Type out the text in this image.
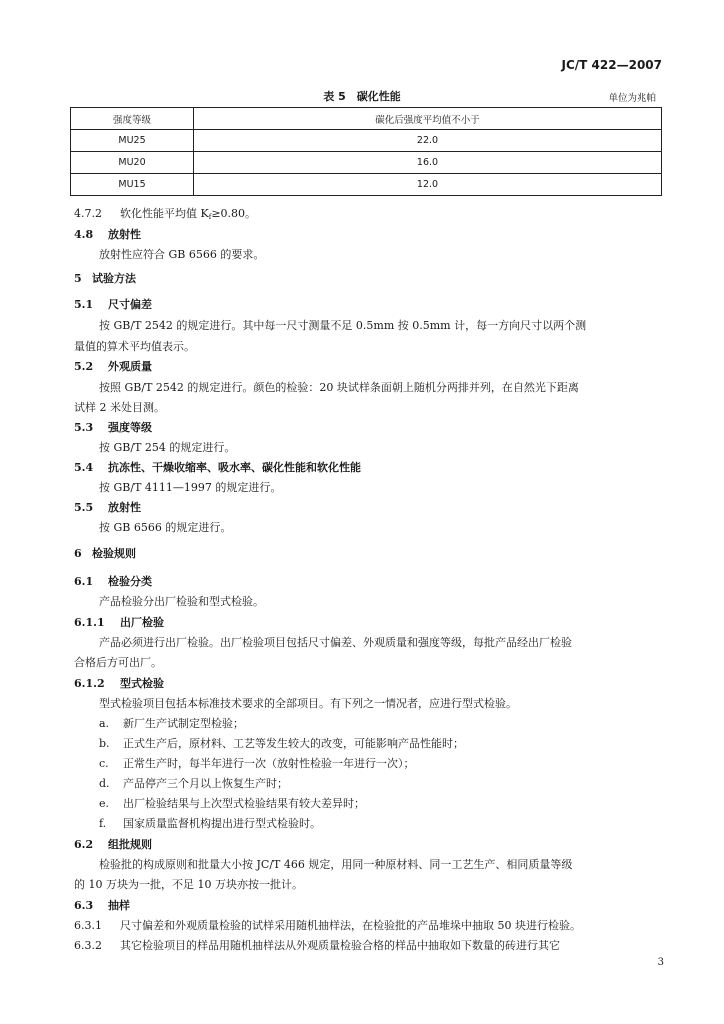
JC/T 422—2007
表 5　碳化性能	单位为兆帕
强度等级	碳化后强度平均值不小于
MU25	22.0
MU20	16.0
MU15	12.0
4.7.2 软化性能平均值 $K_f\ge 0.80$。
4.8 放射性
放射性应符合 GB 6566 的要求。
5 试验方法
5.1 尺寸偏差
按 GB/T 2542 的规定进行。其中每一尺寸测量不足 0.5mm 按 0.5mm 计，每一方向尺寸以两个测
量值的算术平均值表示。
5.2 外观质量
按照 GB/T 2542 的规定进行。颜色的检验：20 块试样条面朝上随机分两排并列，在自然光下距离
试样 2 米处目测。
5.3 强度等级
按 GB/T 254 的规定进行。
5.4 抗冻性、干燥收缩率、吸水率、碳化性能和软化性能
按 GB/T 4111—1997 的规定进行。
5.5 放射性
按 GB 6566 的规定进行。
6 检验规则
6.1 检验分类
产品检验分出厂检验和型式检验。
6.1.1 出厂检验
产品必须进行出厂检验。出厂检验项目包括尺寸偏差、外观质量和强度等级，每批产品经出厂检验
合格后方可出厂。
6.1.2 型式检验
型式检验项目包括本标准技术要求的全部项目。有下列之一情况者，应进行型式检验。
a. 新厂生产试制定型检验；
b. 正式生产后，原材料、工艺等发生较大的改变，可能影响产品性能时；
c. 正常生产时，每半年进行一次（放射性检验一年进行一次）；
d. 产品停产三个月以上恢复生产时；
e. 出厂检验结果与上次型式检验结果有较大差异时；
f. 国家质量监督机构提出进行型式检验时。
6.2 组批规则
检验批的构成原则和批量大小按 JC/T 466 规定，用同一种原材料、同一工艺生产、相同质量等级
的 10 万块为一批，不足 10 万块亦按一批计。
6.3 抽样
6.3.1 尺寸偏差和外观质量检验的试样采用随机抽样法，在检验批的产品堆垛中抽取 50 块进行检验。
6.3.2 其它检验项目的样品用随机抽样法从外观质量检验合格的样品中抽取如下数量的砖进行其它
3
